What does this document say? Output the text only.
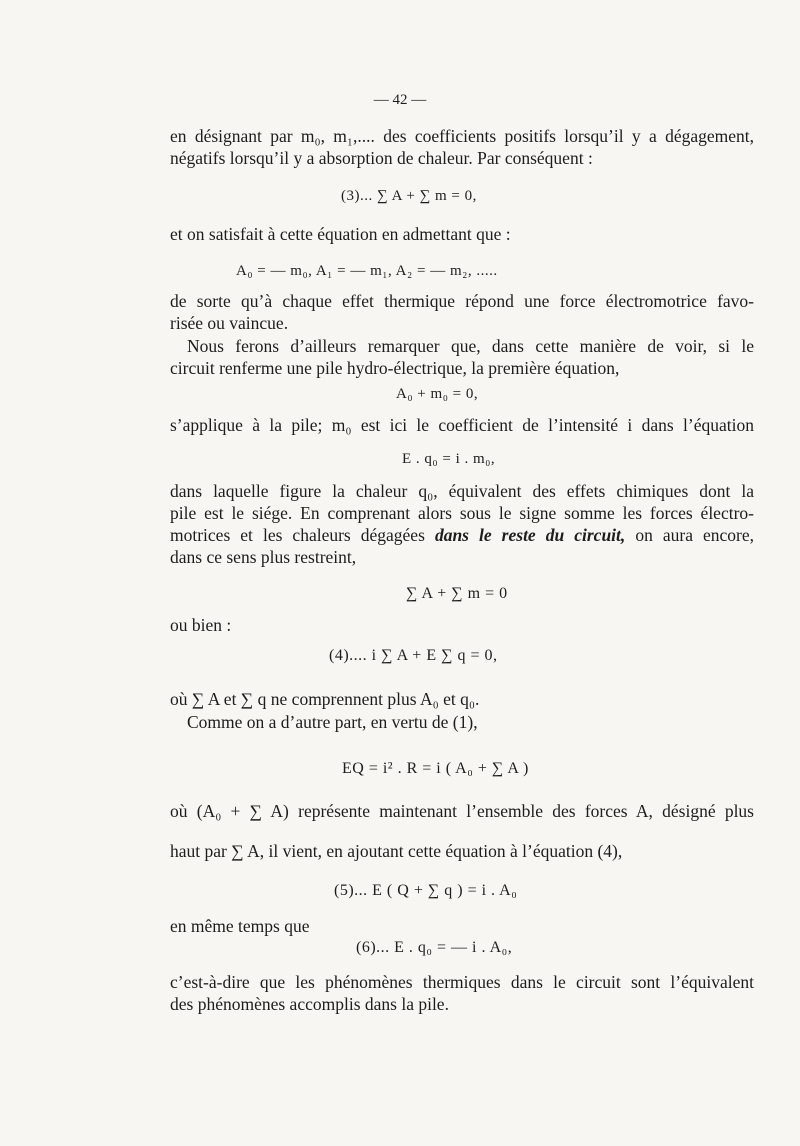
— 42 —
en désignant par m₀, m₁,.... des coefficients positifs lorsqu’il y a dégagement,
négatifs lorsqu’il y a absorption de chaleur. Par conséquent :
(3)... ∑ A + ∑ m = 0,
et on satisfait à cette équation en admettant que :
A₀ = — m₀, A₁ = — m₁, A₂ = — m₂, .....
de sorte qu’à chaque effet thermique répond une force électromotrice favo-
risée ou vaincue.
Nous ferons d’ailleurs remarquer que, dans cette manière de voir, si le
circuit renferme une pile hydro-électrique, la première équation,
A₀ + m₀ = 0,
s’applique à la pile; m₀ est ici le coefficient de l’intensité i dans l’équation
E . q₀ = i . m₀,
dans laquelle figure la chaleur q₀, équivalent des effets chimiques dont la
pile est le siége. En comprenant alors sous le signe somme les forces électro-
motrices et les chaleurs dégagées dans le reste du circuit, on aura encore,
dans ce sens plus restreint,
∑ A + ∑ m = 0
ou bien :
(4).... i ∑ A + E ∑ q = 0,
où ∑ A et ∑ q ne comprennent plus A₀ et q₀.
Comme on a d’autre part, en vertu de (1),
EQ = i² . R = i ( A₀ + ∑ A )
où (A₀ + ∑ A) représente maintenant l’ensemble des forces A, désigné plus
haut par ∑ A, il vient, en ajoutant cette équation à l’équation (4),
(5)... E ( Q + ∑ q ) = i . A₀
en même temps que
(6)... E . q₀ = — i . A₀,
c’est-à-dire que les phénomènes thermiques dans le circuit sont l’équivalent
des phénomènes accomplis dans la pile.
